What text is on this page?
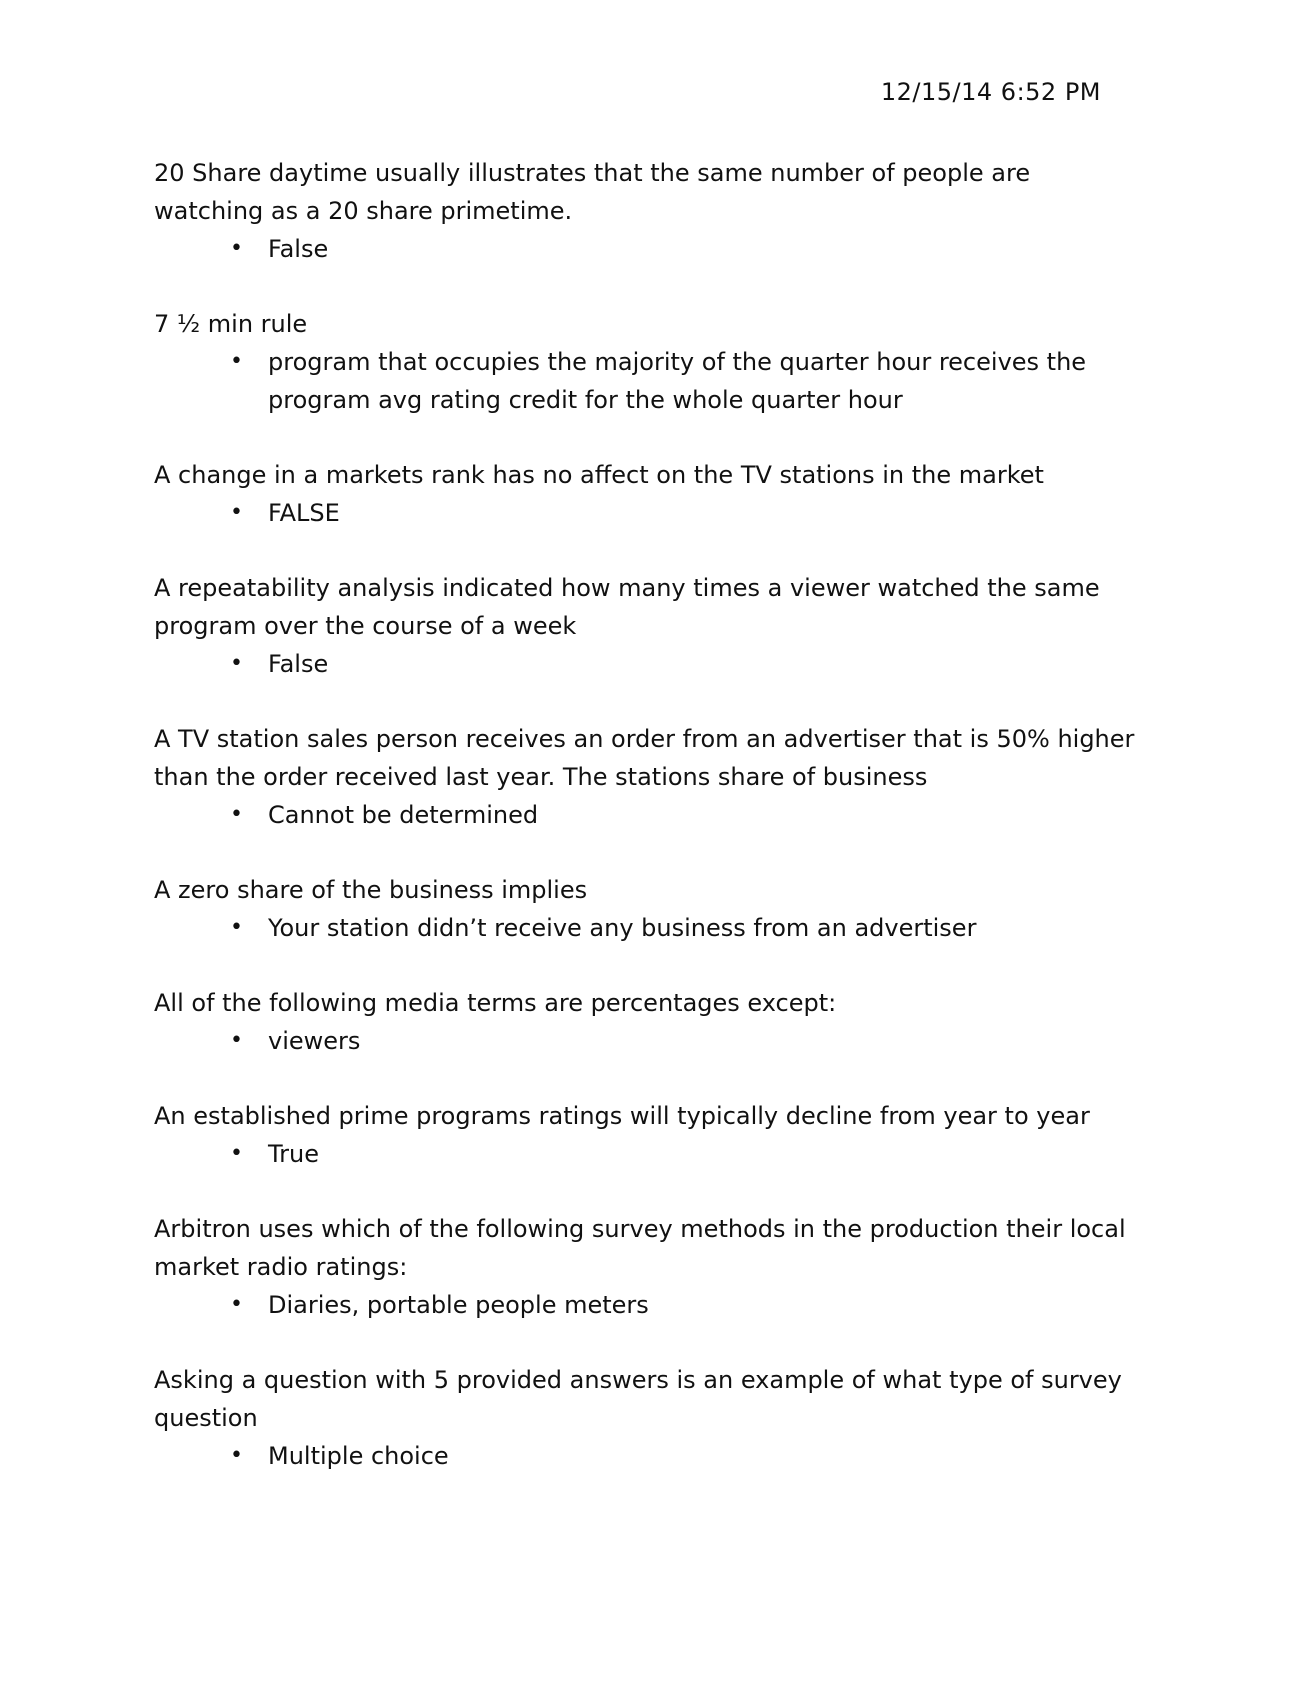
12/15/14 6:52 PM

20 Share daytime usually illustrates that the same number of people are watching as a 20 share primetime.

• False

7 ½ min rule

• program that occupies the majority of the quarter hour receives the program avg rating credit for the whole quarter hour

A change in a markets rank has no affect on the TV stations in the market

• FALSE

A repeatability analysis indicated how many times a viewer watched the same program over the course of a week

• False

A TV station sales person receives an order from an advertiser that is 50% higher than the order received last year. The stations share of business

• Cannot be determined

A zero share of the business implies

• Your station didn’t receive any business from an advertiser

All of the following media terms are percentages except:

• viewers

An established prime programs ratings will typically decline from year to year

• True

Arbitron uses which of the following survey methods in the production their local market radio ratings:

• Diaries, portable people meters

Asking a question with 5 provided answers is an example of what type of survey question

• Multiple choice
